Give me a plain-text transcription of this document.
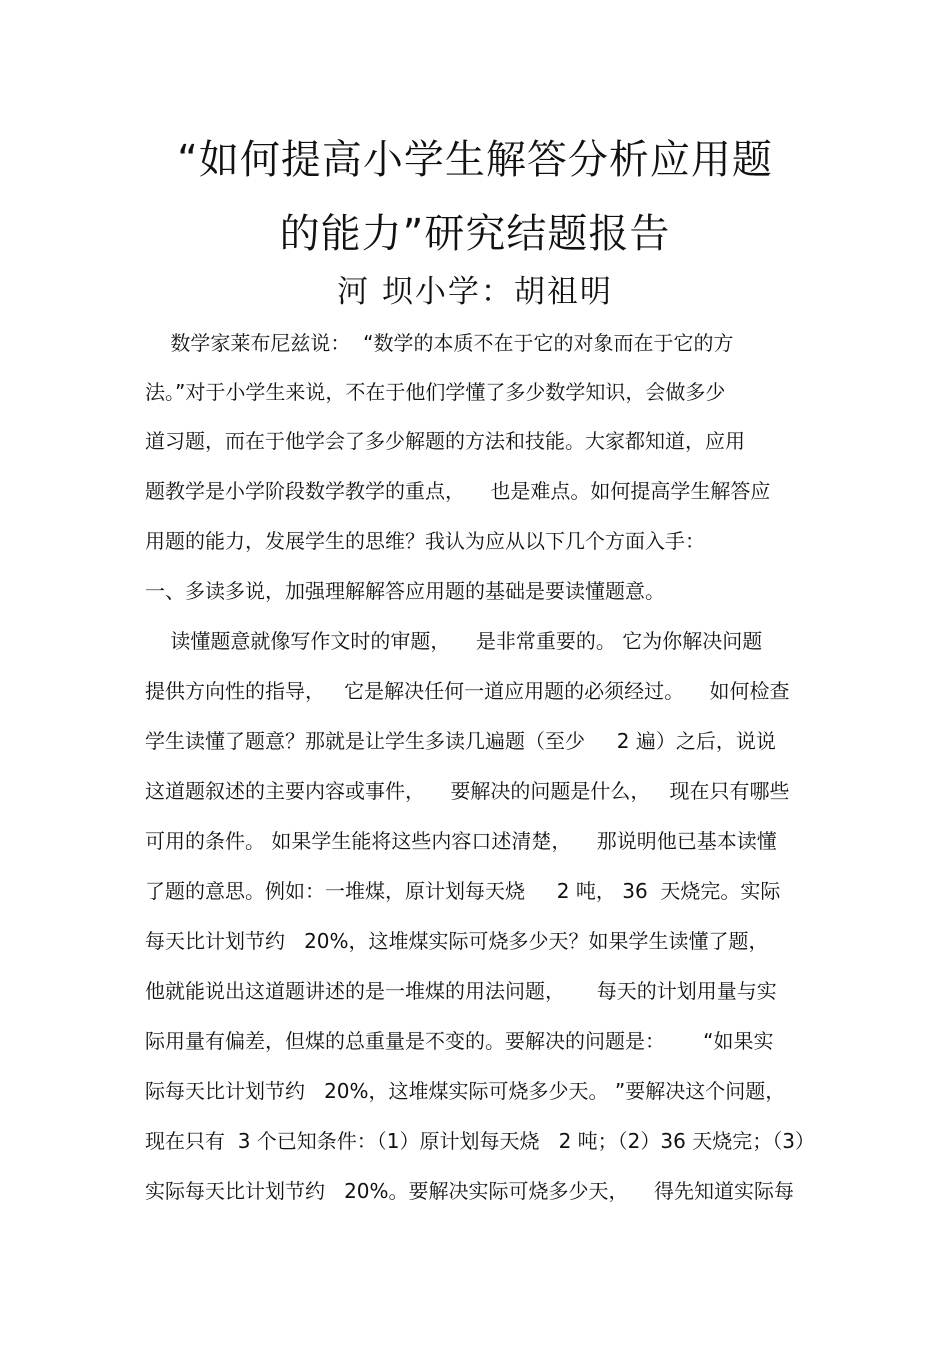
“如何提高小学生解答分析应用题
的能力”研究结题报告
河 坝小学：胡祖明
数学家莱布尼兹说：  “数学的本质不在于它的对象而在于它的方
法。”对于小学生来说，不在于他们学懂了多少数学知识，会做多少
道习题，而在于他学会了多少解题的方法和技能。大家都知道，应用
题教学是小学阶段数学教学的重点，    也是难点。如何提高学生解答应
用题的能力，发展学生的思维？我认为应从以下几个方面入手：
一、多读多说，加强理解解答应用题的基础是要读懂题意。
读懂题意就像写作文时的审题，    是非常重要的。 它为你解决问题
提供方向性的指导，   它是解决任何一道应用题的必须经过。    如何检查
学生读懂了题意？那就是让学生多读几遍题（至少     2 遍）之后，说说
这道题叙述的主要内容或事件，    要解决的问题是什么，   现在只有哪些
可用的条件。 如果学生能将这些内容口述清楚，    那说明他已基本读懂
了题的意思。例如：一堆煤，原计划每天烧     2 吨， 36  天烧完。实际
每天比计划节约   20%，这堆煤实际可烧多少天？如果学生读懂了题，
他就能说出这道题讲述的是一堆煤的用法问题，     每天的计划用量与实
际用量有偏差，但煤的总重量是不变的。要解决的问题是：      “如果实
际每天比计划节约   20%，这堆煤实际可烧多少天。 ”要解决这个问题，
现在只有  3 个已知条件：（1）原计划每天烧   2 吨；（2）36 天烧完；（3）
实际每天比计划节约   20%。要解决实际可烧多少天，    得先知道实际每
